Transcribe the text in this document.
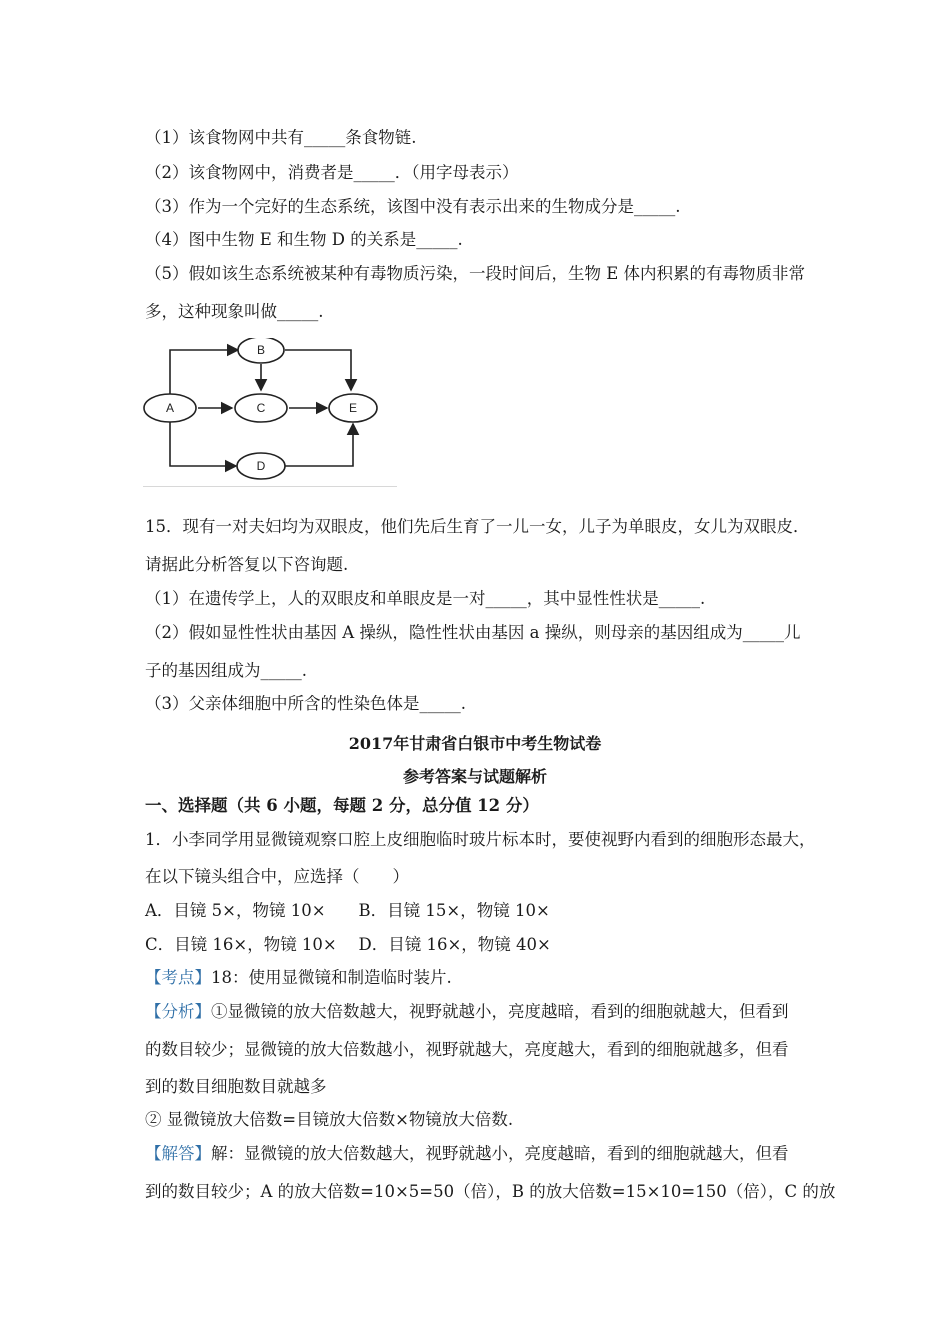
（1）该食物网中共有_____条食物链.
（2）该食物网中，消费者是_____．（用字母表示）
（3）作为一个完好的生态系统，该图中没有表示出来的生物成分是_____.
（4）图中生物 E 和生物 D 的关系是_____.
（5）假如该生态系统被某种有毒物质污染，一段时间后，生物 E 体内积累的有毒物质非常
多，这种现象叫做_____.
A
B
C
D
E
15．现有一对夫妇均为双眼皮，他们先后生育了一儿一女，儿子为单眼皮，女儿为双眼皮．
请据此分析答复以下咨询题.
（1）在遗传学上，人的双眼皮和单眼皮是一对_____，其中显性性状是_____.
（2）假如显性性状由基因 A 操纵，隐性性状由基因 a 操纵，则母亲的基因组成为_____儿
子的基因组成为_____.
（3）父亲体细胞中所含的性染色体是_____.
2017年甘肃省白银市中考生物试卷
参考答案与试题解析
一、选择题（共 6 小题，每题 2 分，总分值 12 分）
1．小李同学用显微镜观察口腔上皮细胞临时玻片标本时，要使视野内看到的细胞形态最大，
在以下镜头组合中，应选择（　　）
A．目镜 5×，物镜 10×　　B．目镜 15×，物镜 10×
C．目镜 16×，物镜 10×　 D．目镜 16×，物镜 40×
【考点】18：使用显微镜和制造临时装片.
【分析】①显微镜的放大倍数越大，视野就越小，亮度越暗，看到的细胞就越大，但看到
的数目较少；显微镜的放大倍数越小，视野就越大，亮度越大，看到的细胞就越多，但看
到的数目细胞数目就越多
② 显微镜放大倍数=目镜放大倍数×物镜放大倍数.
【解答】解：显微镜的放大倍数越大，视野就越小，亮度越暗，看到的细胞就越大，但看
到的数目较少；A 的放大倍数=10×5=50（倍），B 的放大倍数=15×10=150（倍），C 的放
